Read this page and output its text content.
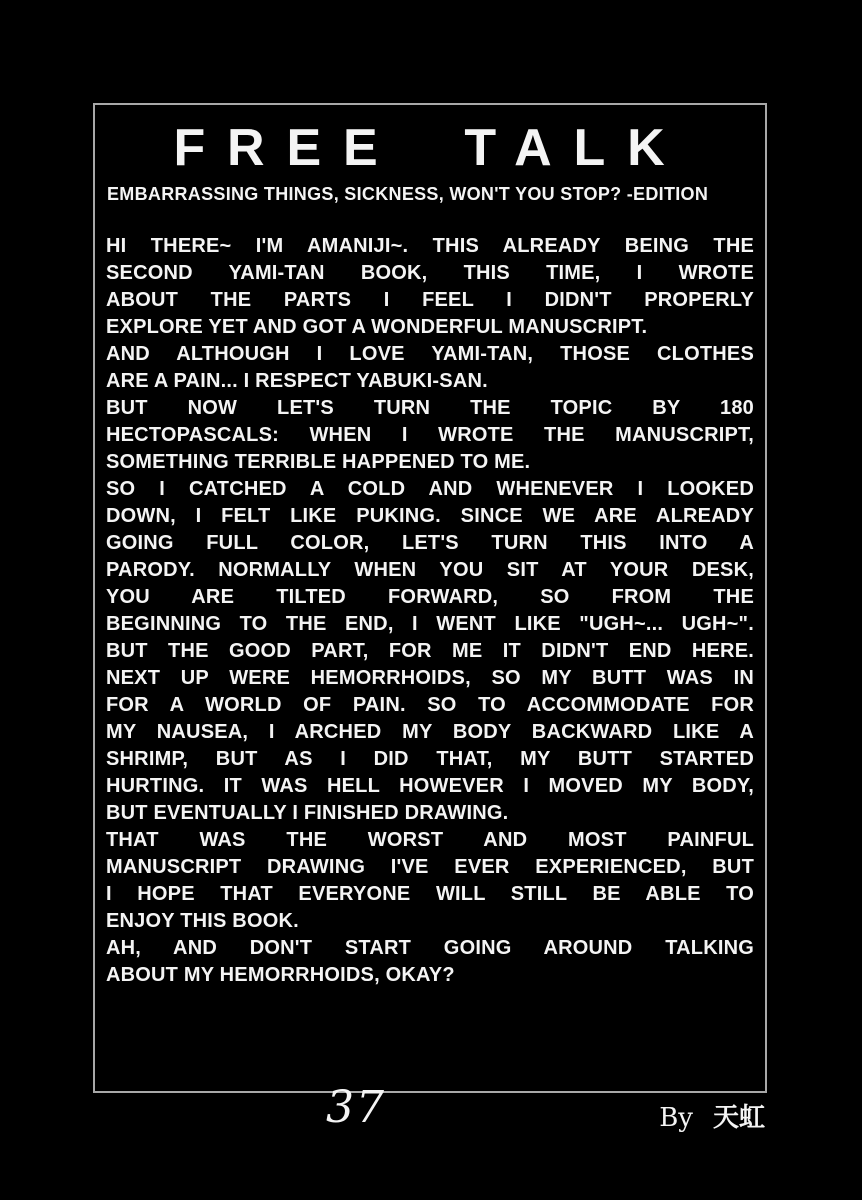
FREE TALK
EMBARRASSING THINGS, SICKNESS, WON'T YOU STOP? -EDITION
HI THERE~ I'M AMANIJI~. THIS ALREADY BEING THE
SECOND YAMI-TAN BOOK, THIS TIME, I WROTE
ABOUT THE PARTS I FEEL I DIDN'T PROPERLY
EXPLORE YET AND GOT A WONDERFUL MANUSCRIPT.
AND ALTHOUGH I LOVE YAMI-TAN, THOSE CLOTHES
ARE A PAIN... I RESPECT YABUKI-SAN.
BUT NOW LET'S TURN THE TOPIC BY 180
HECTOPASCALS: WHEN I WROTE THE MANUSCRIPT,
SOMETHING TERRIBLE HAPPENED TO ME.
SO I CATCHED A COLD AND WHENEVER I LOOKED
DOWN, I FELT LIKE PUKING. SINCE WE ARE ALREADY
GOING FULL COLOR, LET'S TURN THIS INTO A
PARODY. NORMALLY WHEN YOU SIT AT YOUR DESK,
YOU ARE TILTED FORWARD, SO FROM THE
BEGINNING TO THE END, I WENT LIKE "UGH~... UGH~".
BUT THE GOOD PART, FOR ME IT DIDN'T END HERE.
NEXT UP WERE HEMORRHOIDS, SO MY BUTT WAS IN
FOR A WORLD OF PAIN. SO TO ACCOMMODATE FOR
MY NAUSEA, I ARCHED MY BODY BACKWARD LIKE A
SHRIMP, BUT AS I DID THAT, MY BUTT STARTED
HURTING. IT WAS HELL HOWEVER I MOVED MY BODY,
BUT EVENTUALLY I FINISHED DRAWING.
THAT WAS THE WORST AND MOST PAINFUL
MANUSCRIPT DRAWING I'VE EVER EXPERIENCED, BUT
I HOPE THAT EVERYONE WILL STILL BE ABLE TO
ENJOY THIS BOOK.
AH, AND DON'T START GOING AROUND TALKING
ABOUT MY HEMORRHOIDS, OKAY?
37	By 天虹
